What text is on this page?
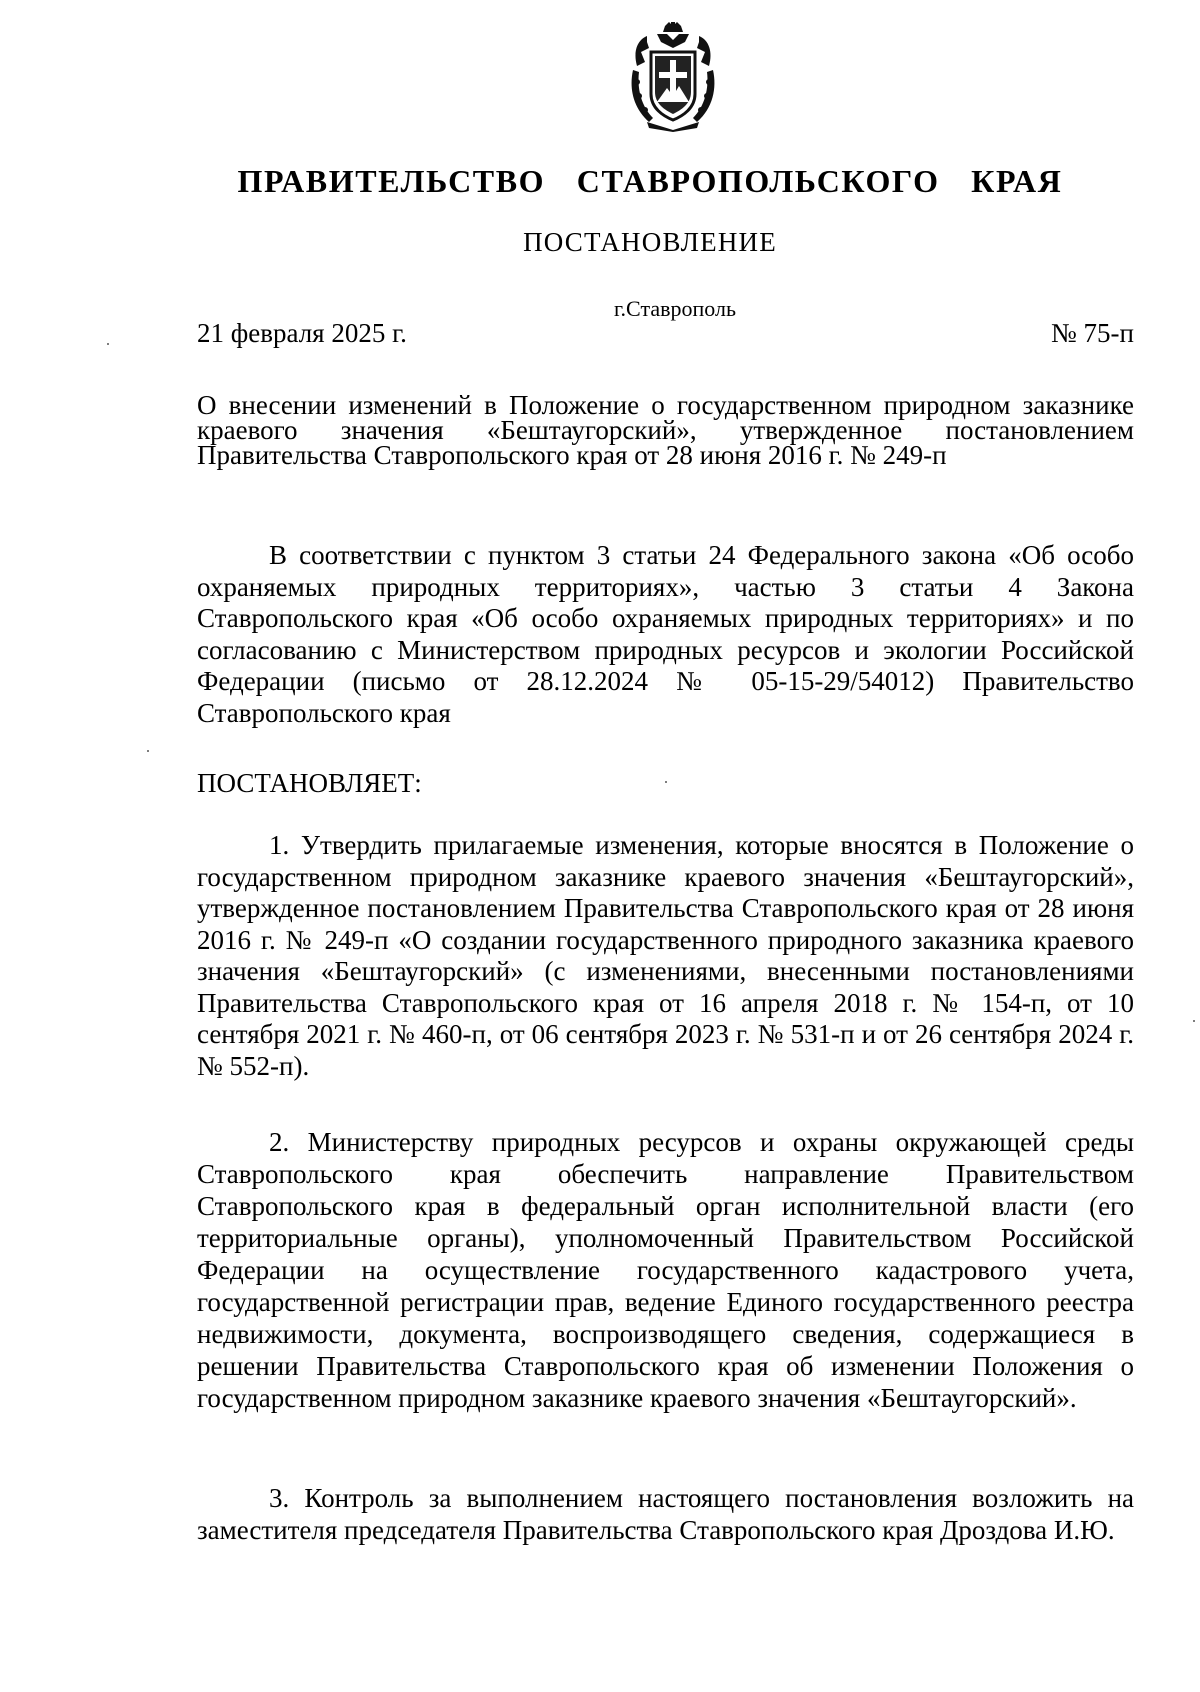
ПРАВИТЕЛЬСТВО СТАВРОПОЛЬСКОГО КРАЯ
ПОСТАНОВЛЕНИЕ
г.Ставрополь
21 февраля 2025 г.	№ 75-п
О внесении изменений в Положение о государственном природном заказнике краевого значения «Бештаугорский», утвержденное постановлением Правительства Ставропольского края от 28 июня 2016 г. № 249-п
В соответствии с пунктом 3 статьи 24 Федерального закона «Об особо охраняемых природных территориях», частью 3 статьи 4 Закона Ставропольского края «Об особо охраняемых природных территориях» и по согласованию с Министерством природных ресурсов и экологии Российской Федерации (письмо от 28.12.2024 № 05-15-29/54012) Правительство Ставропольского края
ПОСТАНОВЛЯЕТ:
1. Утвердить прилагаемые изменения, которые вносятся в Положение о государственном природном заказнике краевого значения «Бештаугорский», утвержденное постановлением Правительства Ставропольского края от 28 июня 2016 г. № 249-п «О создании государственного природного заказника краевого значения «Бештаугорский» (с изменениями, внесенными постановлениями Правительства Ставропольского края от 16 апреля 2018 г. № 154-п, от 10 сентября 2021 г. № 460-п, от 06 сентября 2023 г. № 531-п и от 26 сентября 2024 г. № 552-п).
2. Министерству природных ресурсов и охраны окружающей среды Ставропольского края обеспечить направление Правительством Ставропольского края в федеральный орган исполнительной власти (его территориальные органы), уполномоченный Правительством Российской Федерации на осуществление государственного кадастрового учета, государственной регистрации прав, ведение Единого государственного реестра недвижимости, документа, воспроизводящего сведения, содержащиеся в решении Правительства Ставропольского края об изменении Положения о государственном природном заказнике краевого значения «Бештаугорский».
3. Контроль за выполнением настоящего постановления возложить на заместителя председателя Правительства Ставропольского края Дроздова И.Ю.
